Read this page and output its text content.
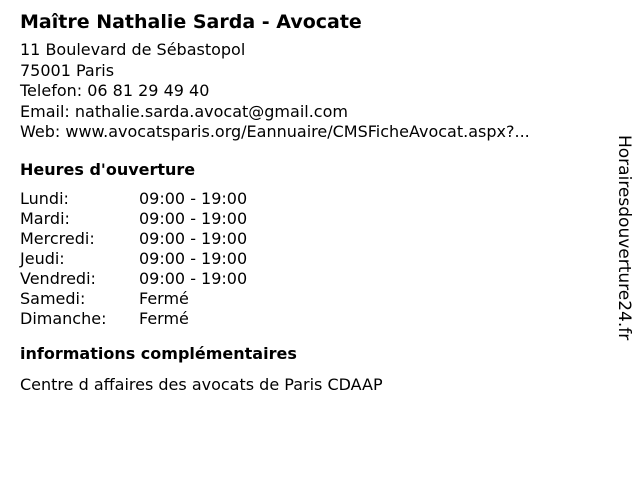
Maître Nathalie Sarda - Avocate
11 Boulevard de Sébastopol
75001 Paris
Telefon: 06 81 29 49 40
Email: nathalie.sarda.avocat@gmail.com
Web: www.avocatsparis.org/Eannuaire/CMSFicheAvocat.aspx?...
Heures d'ouverture
Lundi:	09:00 - 19:00
Mardi:	09:00 - 19:00
Mercredi:	09:00 - 19:00
Jeudi:	09:00 - 19:00
Vendredi:	09:00 - 19:00
Samedi:	Fermé
Dimanche:	Fermé
informations complémentaires
Centre d affaires des avocats de Paris CDAAP
Horairesdouverture24.fr
